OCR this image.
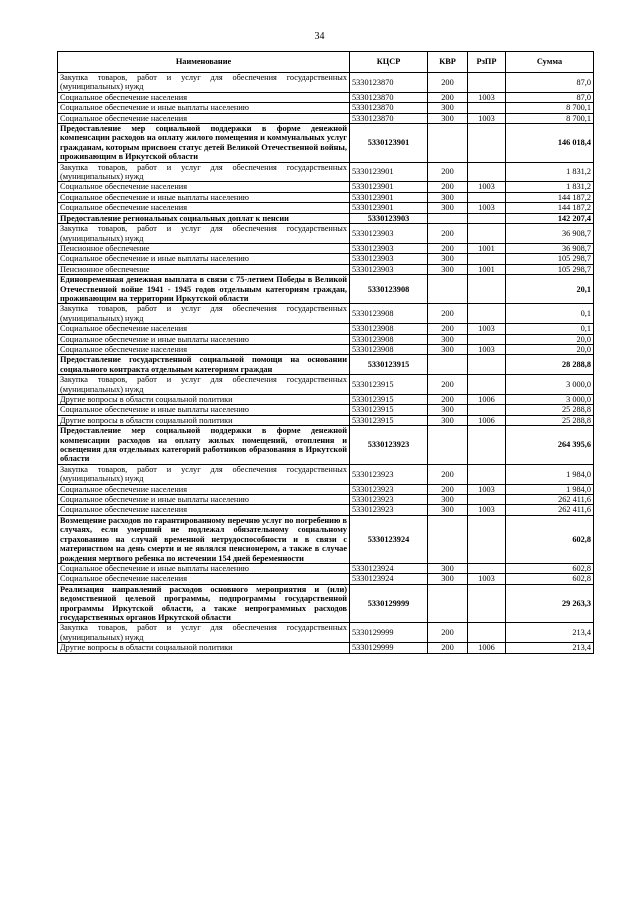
34
Наименование	КЦСР	КВР	РзПР	Сумма
Закупка товаров, работ и услуг для обеспечения государственных (муниципальных) нужд	5330123870	200		87,0
Социальное обеспечение населения	5330123870	200	1003	87,0
Социальное обеспечение и иные выплаты населению	5330123870	300		8 700,1
Социальное обеспечение населения	5330123870	300	1003	8 700,1
Предоставление мер социальной поддержки в форме денежной компенсации расходов на оплату жилого помещения и коммунальных услуг гражданам, которым присвоен статус детей Великой Отечественной войны, проживающим в Иркутской области	5330123901			146 018,4
Закупка товаров, работ и услуг для обеспечения государственных (муниципальных) нужд	5330123901	200		1 831,2
Социальное обеспечение населения	5330123901	200	1003	1 831,2
Социальное обеспечение и иные выплаты населению	5330123901	300		144 187,2
Социальное обеспечение населения	5330123901	300	1003	144 187,2
Предоставление региональных социальных доплат к пенсии	5330123903			142 207,4
Закупка товаров, работ и услуг для обеспечения государственных (муниципальных) нужд	5330123903	200		36 908,7
Пенсионное обеспечение	5330123903	200	1001	36 908,7
Социальное обеспечение и иные выплаты населению	5330123903	300		105 298,7
Пенсионное обеспечение	5330123903	300	1001	105 298,7
Единовременная денежная выплата в связи с 75-летием Победы в Великой Отечественной войне 1941 - 1945 годов отдельным категориям граждан, проживающим на территории Иркутской области	5330123908			20,1
Закупка товаров, работ и услуг для обеспечения государственных (муниципальных) нужд	5330123908	200		0,1
Социальное обеспечение населения	5330123908	200	1003	0,1
Социальное обеспечение и иные выплаты населению	5330123908	300		20,0
Социальное обеспечение населения	5330123908	300	1003	20,0
Предоставление государственной социальной помощи на основании социального контракта отдельным категориям граждан	5330123915			28 288,8
Закупка товаров, работ и услуг для обеспечения государственных (муниципальных) нужд	5330123915	200		3 000,0
Другие вопросы в области социальной политики	5330123915	200	1006	3 000,0
Социальное обеспечение и иные выплаты населению	5330123915	300		25 288,8
Другие вопросы в области социальной политики	5330123915	300	1006	25 288,8
Предоставление мер социальной поддержки в форме денежной компенсации расходов на оплату жилых помещений, отопления и освещения для отдельных категорий работников образования в Иркутской области	5330123923			264 395,6
Закупка товаров, работ и услуг для обеспечения государственных (муниципальных) нужд	5330123923	200		1 984,0
Социальное обеспечение населения	5330123923	200	1003	1 984,0
Социальное обеспечение и иные выплаты населению	5330123923	300		262 411,6
Социальное обеспечение населения	5330123923	300	1003	262 411,6
Возмещение расходов по гарантированному перечню услуг по погребению в случаях, если умерший не подлежал обязательному социальному страхованию на случай временной нетрудоспособности и в связи с материнством на день смерти и не являлся пенсионером, а также в случае рождения мертвого ребенка по истечении 154 дней беременности	5330123924			602,8
Социальное обеспечение и иные выплаты населению	5330123924	300		602,8
Социальное обеспечение населения	5330123924	300	1003	602,8
Реализация направлений расходов основного мероприятия и (или) ведомственной целевой программы, подпрограммы государственной программы Иркутской области, а также непрограммных расходов государственных органов Иркутской области	5330129999			29 263,3
Закупка товаров, работ и услуг для обеспечения государственных (муниципальных) нужд	5330129999	200		213,4
Другие вопросы в области социальной политики	5330129999	200	1006	213,4
